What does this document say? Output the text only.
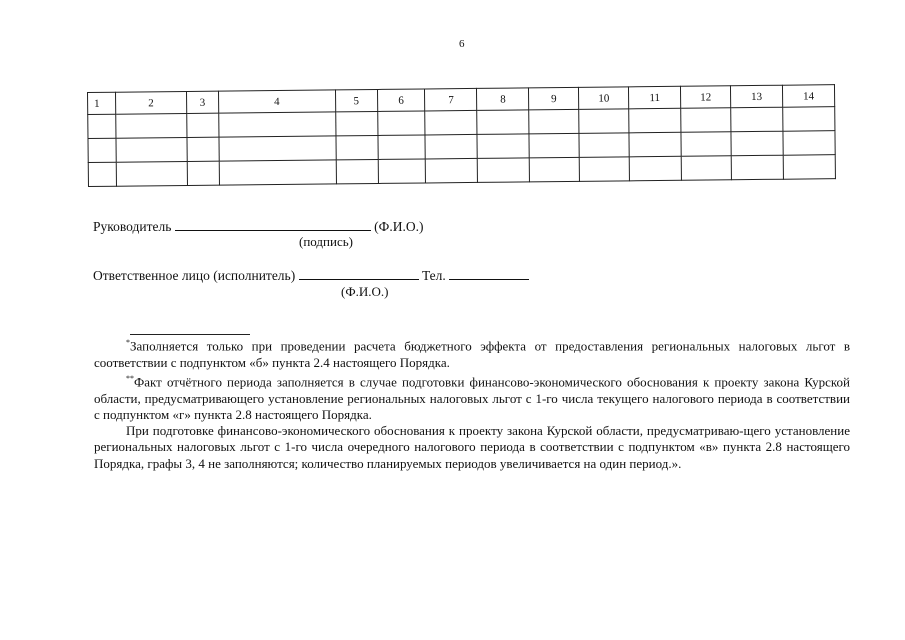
6
1	2	3	4	5	6	7	8	9	10	11	12	13	14

Руководитель	(Ф.И.О.)
(подпись)
Ответственное лицо (исполнитель)	Тел.
(Ф.И.О.)

*Заполняется только при проведении расчета бюджетного эффекта от предоставления региональных налоговых льгот в соответствии с подпунктом «б» пункта 2.4 настоящего Порядка.

**Факт отчётного периода заполняется в случае подготовки финансово-экономического обоснования к проекту закона Курской области, предусматривающего установление региональных налоговых льгот с 1-го числа текущего налогового периода в соответствии с подпунктом «г» пункта 2.8 настоящего Порядка.

При подготовке финансово-экономического обоснования к проекту закона Курской области, предусматриваю-щего установление региональных налоговых льгот с 1-го числа очередного налогового периода в соответствии с подпунктом «в» пункта 2.8 настоящего Порядка, графы 3, 4 не заполняются; количество планируемых периодов увеличивается на один период.».
